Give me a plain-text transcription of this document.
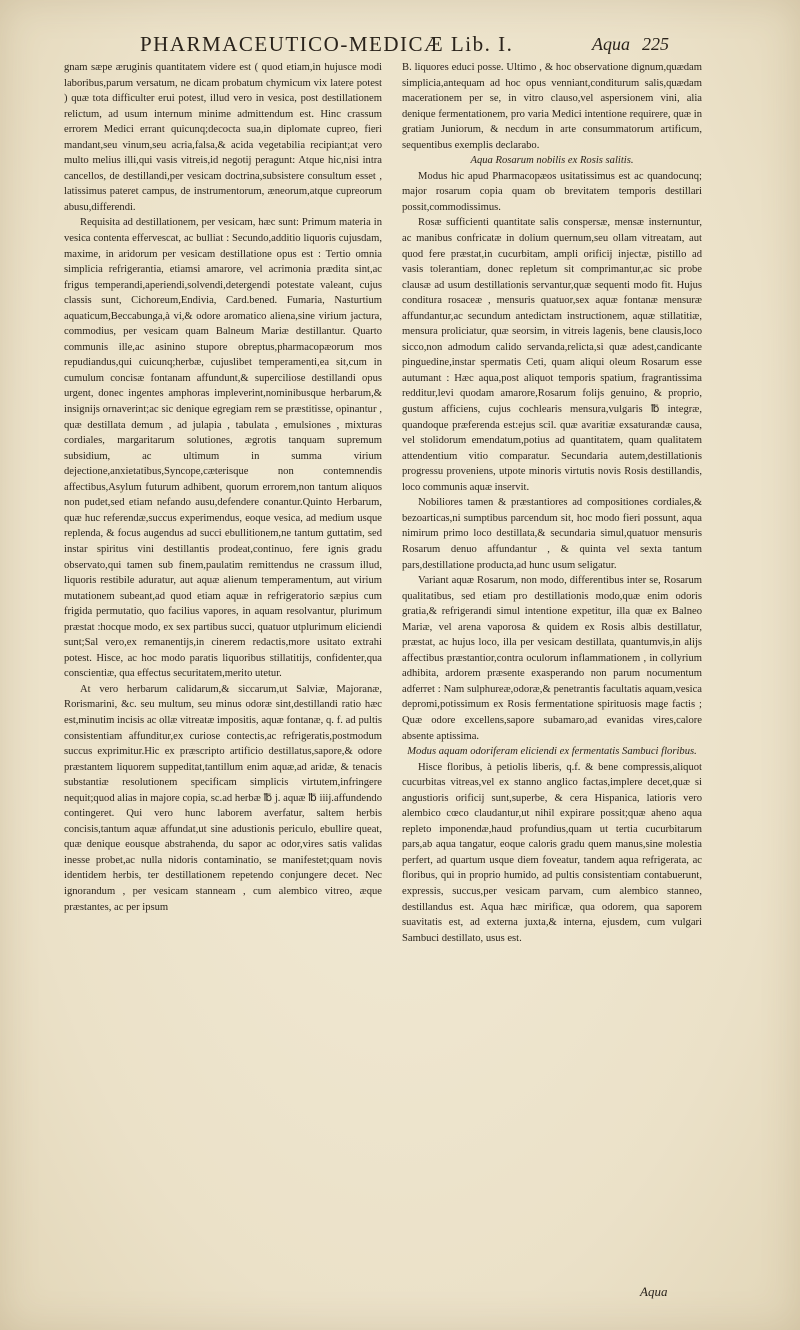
PHARMACEUTICO-MEDICÆ Lib. I.	Aqua 225

gnam sæpe æruginis quantitatem videre est ( quod etiam,in hujusce modi laboribus,parum versatum, ne dicam probatum chymicum vix latere potest ) quæ tota difficulter erui potest, illud vero in vesica, post destillationem relictum, ad usum internum minime admittendum est. Hinc crassum errorem Medici errant quicunq;decocta sua,in diplomate cupreo, fieri mandant,seu vinum,seu acria,falsa,& acida vegetabilia recipiant;at vero multo melius illi,qui vasis vitreis,id negotij peragunt: Atque hic,nisi intra cancellos, de destillandi,per vesicam doctrina,subsistere consultum esset , latissimus pateret campus, de instrumentorum, æneorum,atque cupreorum abusu,differendi.

Requisita ad destillationem, per vesicam, hæc sunt: Primum materia in vesica contenta effervescat, ac bulliat : Secundo,additio liquoris cujusdam, maxime, in aridorum per vesicam destillatione opus est : Tertio omnia simplicia refrigerantia, etiamsi amarore, vel acrimonia prædita sint,ac frigus temperandi,aperiendi,solvendi,detergendi potestate valeant, cujus classis sunt, Cichoreum,Endivia, Card.bened. Fumaria, Nasturtium aquaticum,Beccabunga,à vi,& odore aromatico aliena,sine virium jactura, commodius, per vesicam quam Balneum Mariæ destillantur. Quarto communis ille,ac asinino stupore obreptus,pharmacopæorum mos repudiandus,qui cuicunq;herbæ, cujuslibet temperamenti,ea sit,cum in cumulum concisæ fontanam affundunt,& superciliose destillandi opus urgent, donec ingentes amphoras impleverint,nominibusque herbarum,& insignijs ornaverint;ac sic denique egregiam rem se præstitisse, opinantur , quæ destillata demum , ad julapia , tabulata , emulsiones , mixturas cordiales, margaritarum solutiones, ægrotis tanquam supremum subsidium, ac ultimum in summa virium dejectione,anxietatibus,Syncope,cæterisque non contemnendis affectibus,Asylum futurum adhibent, quorum errorem,non tantum aliquos non pudet,sed etiam nefando ausu,defendere conantur.Quinto Herbarum, quæ huc referendæ,succus experimendus, eoque vesica, ad medium usque replenda, & focus augendus ad succi ebullitionem,ne tantum guttatim, sed instar spiritus vini destillantis prodeat,continuo, fere ignis gradu observato,qui tamen sub finem,paulatim remittendus ne crassum illud, liquoris restibile aduratur, aut aquæ alienum temperamentum, aut virium mutationem subeant,ad quod etiam aquæ in refrigeratorio sæpius cum frigida permutatio, quo facilius vapores, in aquam resolvantur, plurimum præstat :hocque modo, ex sex partibus succi, quatuor utplurimum eliciendi sunt;Sal vero,ex remanentijs,in cinerem redactis,more usitato extrahi potest. Hisce, ac hoc modo paratis liquoribus stillatitijs, confidenter,qua conscientiæ, qua effectus securitatem,merito utetur.

At vero herbarum calidarum,& siccarum,ut Salviæ, Majoranæ, Rorismarini, &c. seu multum, seu minus odoræ sint,destillandi ratio hæc est,minutim incisis ac ollæ vitreatæ impositis, aquæ fontanæ, q. f. ad pultis consistentiam affunditur,ex curiose contectis,ac refrigeratis,postmodum succus exprimitur.Hic ex præscripto artificio destillatus,sapore,& odore præstantem liquorem suppeditat,tantillum enim aquæ,ad aridæ, & tenacis substantiæ resolutionem specificam simplicis virtutem,infringere nequit;quod alias in majore copia, sc.ad herbæ ℔ j. aquæ ℔ iiij.affundendo contingeret. Qui vero hunc laborem averfatur, saltem herbis concisis,tantum aquæ affundat,ut sine adustionis periculo, ebullire queat, quæ denique eousque abstrahenda, du sapor ac odor,vires satis validas inesse probet,ac nulla nidoris contaminatio, se manifestet;quam novis identidem herbis, ter destillationem repetendo conjungere decet. Nec ignorandum , per vesicam stanneam , cum alembico vitreo, æque præstantes, ac per ipsum

B. liquores educi posse. Ultimo , & hoc observatione dignum,quædam simplicia,antequam ad hoc opus venniant,conditurum salis,quædam macerationem per se, in vitro clauso,vel aspersionem vini, alia denique fermentationem, pro varia Medici intentione requirere, quæ in gratiam Juniorum, & necdum in arte consummatorum artificum, sequentibus exemplis declarabo.

Aqua Rosarum nobilis ex Rosis salitis.

Modus hic apud Pharmacopæos usitatissimus est ac quandocunq; major rosarum copia quam ob brevitatem temporis destillari possit,commodissimus.

Rosæ sufficienti quantitate salis conspersæ, mensæ insternuntur, ac manibus confricatæ in dolium quernum,seu ollam vitreatam, aut quod fere præstat,in cucurbitam, ampli orificij injectæ, pistillo ad vasis tolerantiam, donec repletum sit comprimantur,ac sic probe clausæ ad usum destillationis servantur,quæ sequenti modo fit. Hujus conditura rosaceæ , mensuris quatuor,sex aquæ fontanæ mensuræ affundantur,ac secundum antedictam instructionem, aquæ stillatitiæ, mensura proliciatur, quæ seorsim, in vitreis lagenis, bene clausis,loco sicco,non admodum calido servanda,relicta,si quæ adest,candicante pinguedine,instar spermatis Ceti, quam aliqui oleum Rosarum esse autumant : Hæc aqua,post aliquot temporis spatium, fragrantissima redditur,levi quodam amarore,Rosarum folijs genuino, & proprio, gustum afficiens, cujus cochlearis mensura,vulgaris ℔ integræ, quandoque præferenda est:ejus scil. quæ avaritiæ exsaturandæ causa, vel stolidorum emendatum,potius ad quantitatem, quam qualitatem attendentium vitio comparatur. Secundaria autem,destillationis progressu proveniens, utpote minoris virtutis novis Rosis destillandis, loco communis aquæ inservit.

Nobiliores tamen & præstantiores ad compositiones cordiales,& bezoarticas,ni sumptibus parcendum sit, hoc modo fieri possunt, aqua nimirum primo loco destillata,& secundaria simul,quatuor mensuris Rosarum denuo affundantur , & quinta vel sexta tantum pars,destillatione producta,ad hunc usum seligatur.

Variant aquæ Rosarum, non modo, differentibus inter se, Rosarum qualitatibus, sed etiam pro destillationis modo,quæ enim odoris gratia,& refrigerandi simul intentione expetitur, illa quæ ex Balneo Mariæ, vel arena vaporosa & quidem ex Rosis albis destillatur, præstat, ac hujus loco, illa per vesicam destillata, quantumvis,in alijs affectibus præstantior,contra oculorum inflammationem , in collyrium adhibita, ardorem præsente exasperando non parum nocumentum adferret : Nam sulphureæ,odoræ,& penetrantis facultatis aquam,vesica depromi,potissimum ex Rosis fermentatione spirituosis mage factis ; Quæ odore excellens,sapore subamaro,ad evanidas vires,calore absente aptissima.

Modus aquam odoriferam eliciendi ex fermentatis Sambuci floribus.

Hisce floribus, à petiolis liberis, q.f. & bene compressis,aliquot cucurbitas vitreas,vel ex stanno anglico factas,implere decet,quæ si angustioris orificij sunt,superbe, & cera Hispanica, latioris vero alembico cœco claudantur,ut nihil expirare possit;quæ aheno aqua repleto imponendæ,haud profundius,quam ut tertia cucurbitarum pars,ab aqua tangatur, eoque caloris gradu quem manus,sine molestia perfert, ad quartum usque diem foveatur, tandem aqua refrigerata, ac floribus, qui in proprio humido, ad pultis consistentiam contabuerunt, expressis, succus,per vesicam parvam, cum alembico stanneo, destillandus est. Aqua hæc mirificæ, qua odorem, qua saporem suavitatis est, ad externa juxta,& interna, ejusdem, cum vulgari Sambuci destillato, usus est.

Aqua
